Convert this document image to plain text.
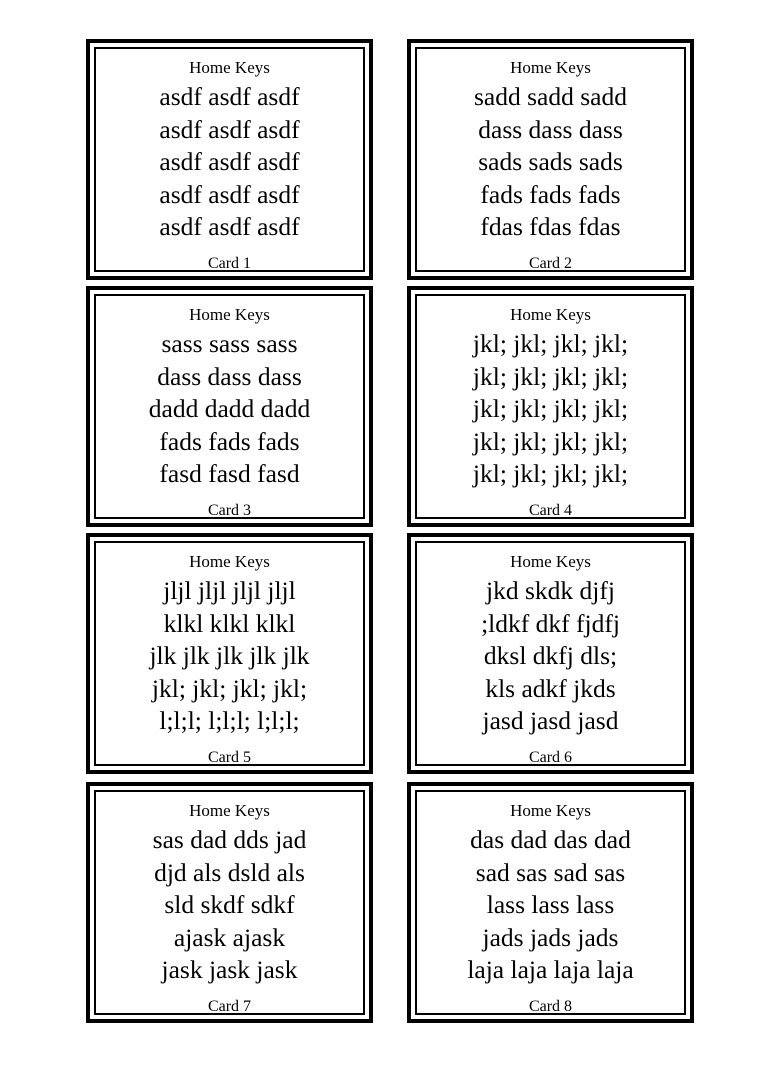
Home Keys
asdf asdf asdf
asdf asdf asdf
asdf asdf asdf
asdf asdf asdf
asdf asdf asdf
Card 1
Home Keys
sadd sadd sadd
dass dass dass
sads sads sads
fads fads fads
fdas fdas fdas
Card 2
Home Keys
sass sass sass
dass dass dass
dadd dadd dadd
fads fads fads
fasd fasd fasd
Card 3
Home Keys
jkl; jkl; jkl; jkl;
jkl; jkl; jkl; jkl;
jkl; jkl; jkl; jkl;
jkl; jkl; jkl; jkl;
jkl; jkl; jkl; jkl;
Card 4
Home Keys
jljl jljl jljl jljl
klkl klkl klkl
jlk jlk jlk jlk jlk
jkl; jkl; jkl; jkl;
l;l;l; l;l;l; l;l;l;
Card 5
Home Keys
jkd skdk djfj
;ldkf dkf fjdfj
dksl dkfj dls;
kls adkf jkds
jasd jasd jasd
Card 6
Home Keys
sas dad dds jad
djd als dsld als
sld skdf sdkf
ajask ajask
jask jask jask
Card 7
Home Keys
das dad das dad
sad sas sad sas
lass lass lass
jads jads jads
laja laja laja laja
Card 8
